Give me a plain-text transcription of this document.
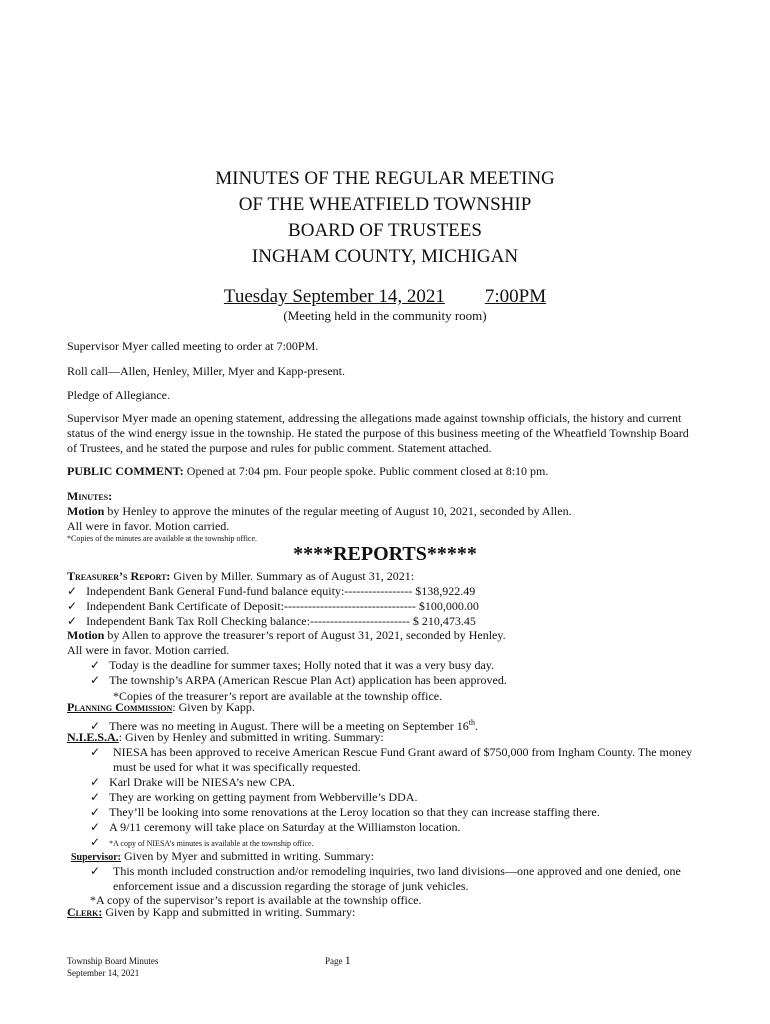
MINUTES OF THE REGULAR MEETING
OF THE WHEATFIELD TOWNSHIP
BOARD OF TRUSTEES
INGHAM COUNTY, MICHIGAN
Tuesday September 14, 2021 7:00PM
(Meeting held in the community room)
Supervisor Myer called meeting to order at 7:00PM.
Roll call—Allen, Henley, Miller, Myer and Kapp-present.
Pledge of Allegiance.
Supervisor Myer made an opening statement, addressing the allegations made against township officials, the history and current status of the wind energy issue in the township. He stated the purpose of this business meeting of the Wheatfield Township Board of Trustees, and he stated the purpose and rules for public comment. Statement attached.
PUBLIC COMMENT: Opened at 7:04 pm. Four people spoke. Public comment closed at 8:10 pm.
Minutes:
Motion by Henley to approve the minutes of the regular meeting of August 10, 2021, seconded by Allen.
All were in favor. Motion carried.
*Copies of the minutes are available at the township office.
****REPORTS*****
Treasurer’s Report: Given by Miller. Summary as of August 31, 2021:
✓ Independent Bank General Fund-fund balance equity:----------------- $138,922.49
✓ Independent Bank Certificate of Deposit:--------------------------------- $100,000.00
✓ Independent Bank Tax Roll Checking balance:------------------------- $ 210,473.45
Motion by Allen to approve the treasurer’s report of August 31, 2021, seconded by Henley.
All were in favor. Motion carried.
✓ Today is the deadline for summer taxes; Holly noted that it was a very busy day.
✓ The township’s ARPA (American Rescue Plan Act) application has been approved.
*Copies of the treasurer’s report are available at the township office.
Planning Commission: Given by Kapp.
✓ There was no meeting in August. There will be a meeting on September 16th.
N.I.E.S.A.: Given by Henley and submitted in writing. Summary:
✓ NIESA has been approved to receive American Rescue Fund Grant award of $750,000 from Ingham County. The money must be used for what it was specifically requested.
✓ Karl Drake will be NIESA’s new CPA.
✓ They are working on getting payment from Webberville’s DDA.
✓ They’ll be looking into some renovations at the Leroy location so that they can increase staffing there.
✓ A 9/11 ceremony will take place on Saturday at the Williamston location.
✓ *A copy of NIESA’s minutes is available at the township office.
Supervisor: Given by Myer and submitted in writing. Summary:
✓ This month included construction and/or remodeling inquiries, two land divisions—one approved and one denied, one enforcement issue and a discussion regarding the storage of junk vehicles.
*A copy of the supervisor’s report is available at the township office.
Clerk: Given by Kapp and submitted in writing. Summary:
Township Board Minutes
September 14, 2021
Page 1
